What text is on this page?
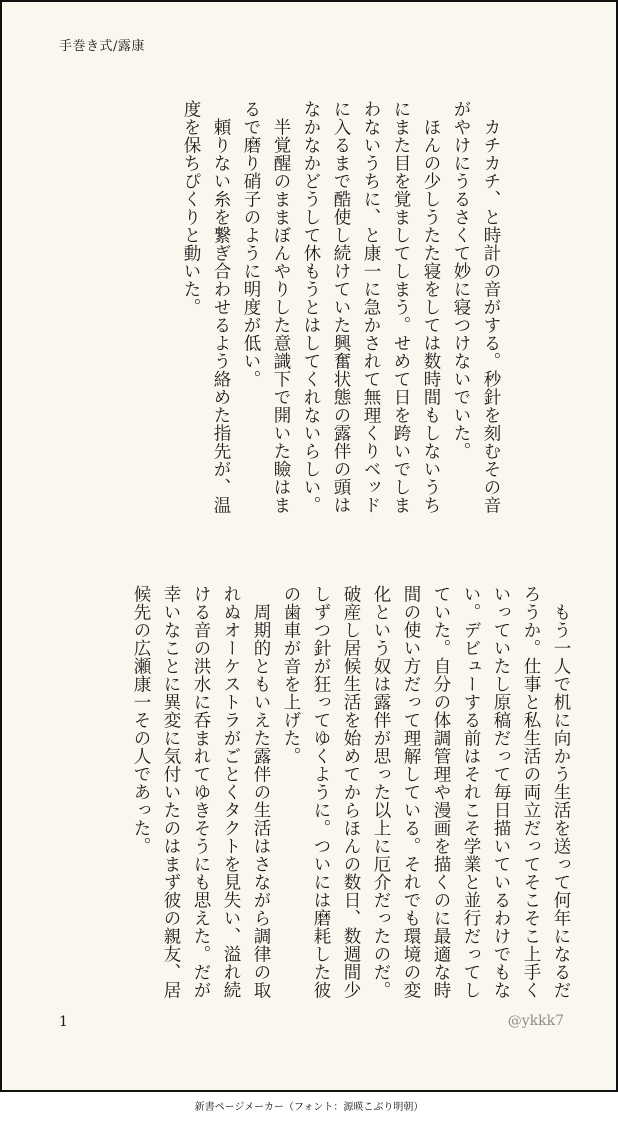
手巻き式/露康

カチカチ、と時計の音がする。秒針を刻むその音がやけにうるさくて妙に寝つけないでいた。

ほんの少しうたた寝をしては数時間もしないうちにまた目を覚ましてしまう。せめて日を跨いでしまわないうちに、と康一に急かされて無理くりベッドに入るまで酷使し続けていた興奮状態の露伴の頭はなかなかどうして休もうとはしてくれないらしい。

半覚醒のままぼんやりした意識下で開いた瞼はまるで磨り硝子のように明度が低い。

頼りない糸を繋ぎ合わせるよう絡めた指先が、温度を保ちぴくりと動いた。

もう一人で机に向かう生活を送って何年になるだろうか。仕事と私生活の両立だってそこそこ上手くいっていたし原稿だって毎日描いているわけでもない。デビューする前はそれこそ学業と並行だってしていた。自分の体調管理や漫画を描くのに最適な時間の使い方だって理解している。それでも環境の変化という奴は露伴が思った以上に厄介だったのだ。破産し居候生活を始めてからほんの数日、数週間少しずつ針が狂ってゆくように。ついには磨耗した彼の歯車が音を上げた。

周期的ともいえた露伴の生活はさながら調律の取れぬオーケストラがごとくタクトを見失い、溢れ続ける音の洪水に呑まれてゆきそうにも思えた。だが幸いなことに異変に気付いたのはまず彼の親友、居候先の広瀬康一その人であった。

1	@ykkk7
新書ページメーカー（フォント：源暎こぶり明朝）
